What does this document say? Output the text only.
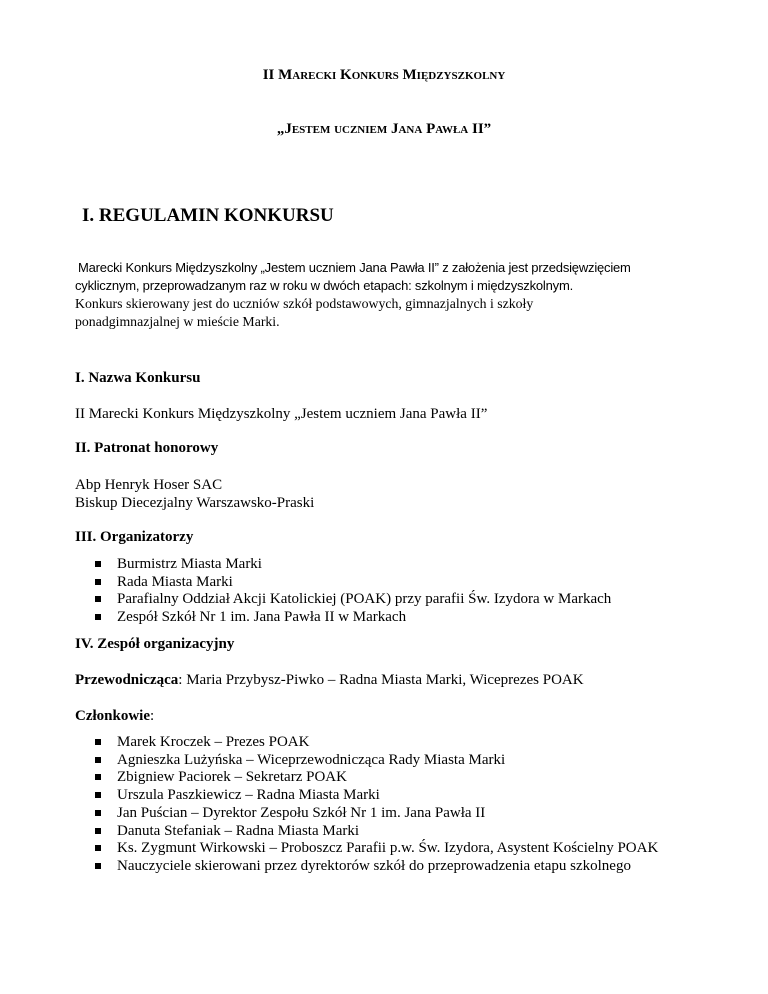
II Marecki Konkurs Międzyszkolny

„Jestem uczniem Jana Pawła II”

I. REGULAMIN KONKURSU

Marecki Konkurs Międzyszkolny „Jestem uczniem Jana Pawła II” z założenia jest przedsięwzięciem
cyklicznym, przeprowadzanym raz w roku w dwóch etapach: szkolnym i międzyszkolnym.
Konkurs skierowany jest do uczniów szkół podstawowych, gimnazjalnych i szkoły
ponadgimnazjalnej w mieście Marki.

I. Nazwa Konkursu

II Marecki Konkurs Międzyszkolny „Jestem uczniem Jana Pawła II”

II. Patronat honorowy

Abp Henryk Hoser SAC
Biskup Diecezjalny Warszawsko-Praski

III. Organizatorzy

Burmistrz Miasta Marki
Rada Miasta Marki
Parafialny Oddział Akcji Katolickiej (POAK) przy parafii Św. Izydora w Markach
Zespół Szkół Nr 1 im. Jana Pawła II w Markach

IV. Zespół organizacyjny

Przewodnicząca: Maria Przybysz-Piwko – Radna Miasta Marki, Wiceprezes POAK

Członkowie:

Marek Kroczek – Prezes POAK
Agnieszka Lużyńska – Wiceprzewodnicząca Rady Miasta Marki
Zbigniew Paciorek – Sekretarz POAK
Urszula Paszkiewicz – Radna Miasta Marki
Jan Puścian – Dyrektor Zespołu Szkół Nr 1 im. Jana Pawła II
Danuta Stefaniak – Radna Miasta Marki
Ks. Zygmunt Wirkowski – Proboszcz Parafii p.w. Św. Izydora, Asystent Kościelny POAK
Nauczyciele skierowani przez dyrektorów szkół do przeprowadzenia etapu szkolnego
